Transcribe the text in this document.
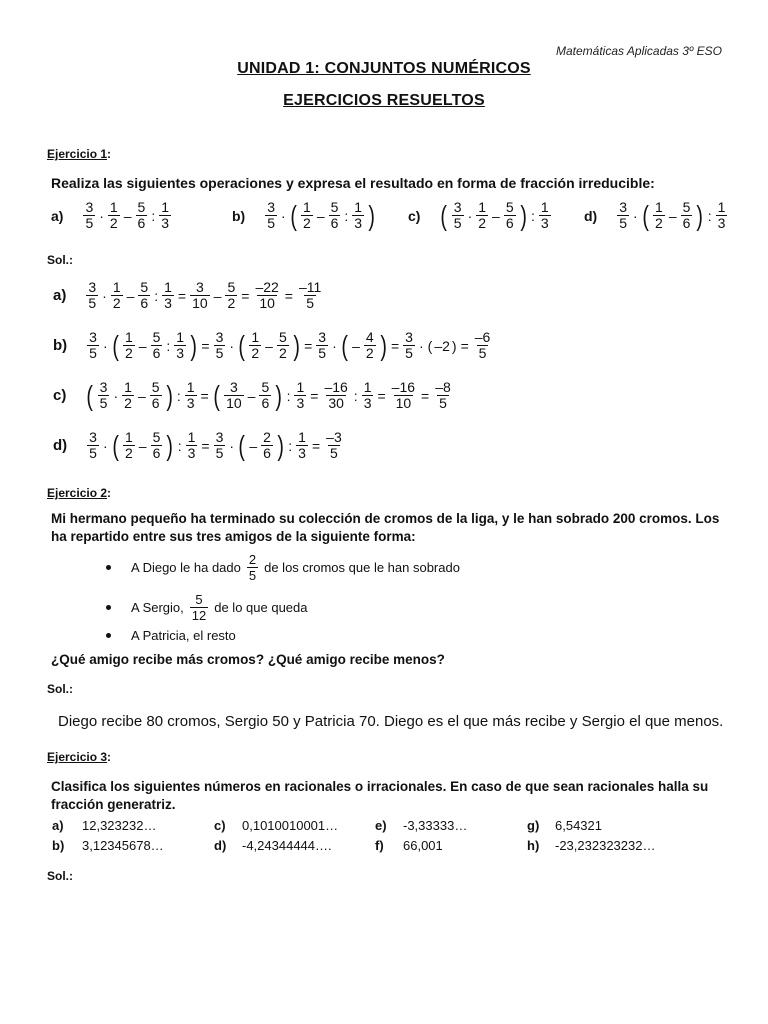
Matemáticas Aplicadas 3º ESO
UNIDAD 1: CONJUNTOS NUMÉRICOS
EJERCICIOS RESUELTOS
Ejercicio 1:
Realiza las siguientes operaciones y expresa el resultado en forma de fracción irreducible:
$a) \frac{3}{5} \cdot \frac{1}{2} - \frac{5}{6}$ : $\frac{1}{3}$	$b) \frac{3}{5}$ · ( $\frac{1}{2} - \frac{5}{6}$ : $\frac{1}{3}$ ) c) ( $\frac{3}{5} \cdot \frac{1}{2} - \frac{5}{6}$ ) : $\frac{1}{3} d) \frac{3}{5}$ · ( $\frac{1}{2} - \frac{5}{6}$ ) : $\frac{1}{3}$
Sol.:
$a) \frac{3}{5} \cdot \frac{1}{2} - \frac{5}{6}$ : $\frac{1}{3} = \frac{3}{10} - \frac{5}{2} = \frac{-22}{10} = \frac{-11}{5}$
$b) \frac{3}{5}$ · ( $\frac{1}{2} - \frac{5}{6}$ : $\frac{1}{3}$ ) = $\frac{3}{5}$ · ( $\frac{1}{2} - \frac{5}{2}$ ) = $\frac{3}{5}$ · ( – $\frac{4}{2}$ ) = $\frac{3}{5}$ · ( –2 ) = $\frac{-6}{5}$
c) ( $\frac{3}{5} \cdot \frac{1}{2} - \frac{5}{6}$ ) : $\frac{1}{3}$ = ( $\frac{3}{10} - \frac{5}{6}$ ) : $\frac{1}{3} = \frac{-16}{30}$ : $\frac{1}{3} = \frac{-16}{10} = \frac{-8}{5}$
$d) \frac{3}{5}$ · ( $\frac{1}{2} - \frac{5}{6}$ ) : $\frac{1}{3} = \frac{3}{5}$ · ( – $\frac{2}{6}$ ) : $\frac{1}{3} = \frac{-3}{5}$
Ejercicio 2:
Mi hermano pequeño ha terminado su colección de cromos de la liga, y le han sobrado 200 cromos. Los
ha repartido entre sus tres amigos de la siguiente forma:
A Diego le ha dado $\frac{2}{5}$ de los cromos que le han sobrado
A Sergio, $\frac{5}{12}$ de lo que queda
A Patricia, el resto
¿Qué amigo recibe más cromos? ¿Qué amigo recibe menos?
Sol.:
Diego recibe 80 cromos, Sergio 50 y Patricia 70. Diego es el que más recibe y Sergio el que menos.
Ejercicio 3:
Clasifica los siguientes números en racionales o irracionales. En caso de que sean racionales halla su
fracción generatriz.
a) 12,323232…	c) 0,1010010001…	e) -3,33333…	g) 6,54321
b) 3,12345678…	d) -4,24344444….	f) 66,001	h) -23,232323232…
Sol.:
